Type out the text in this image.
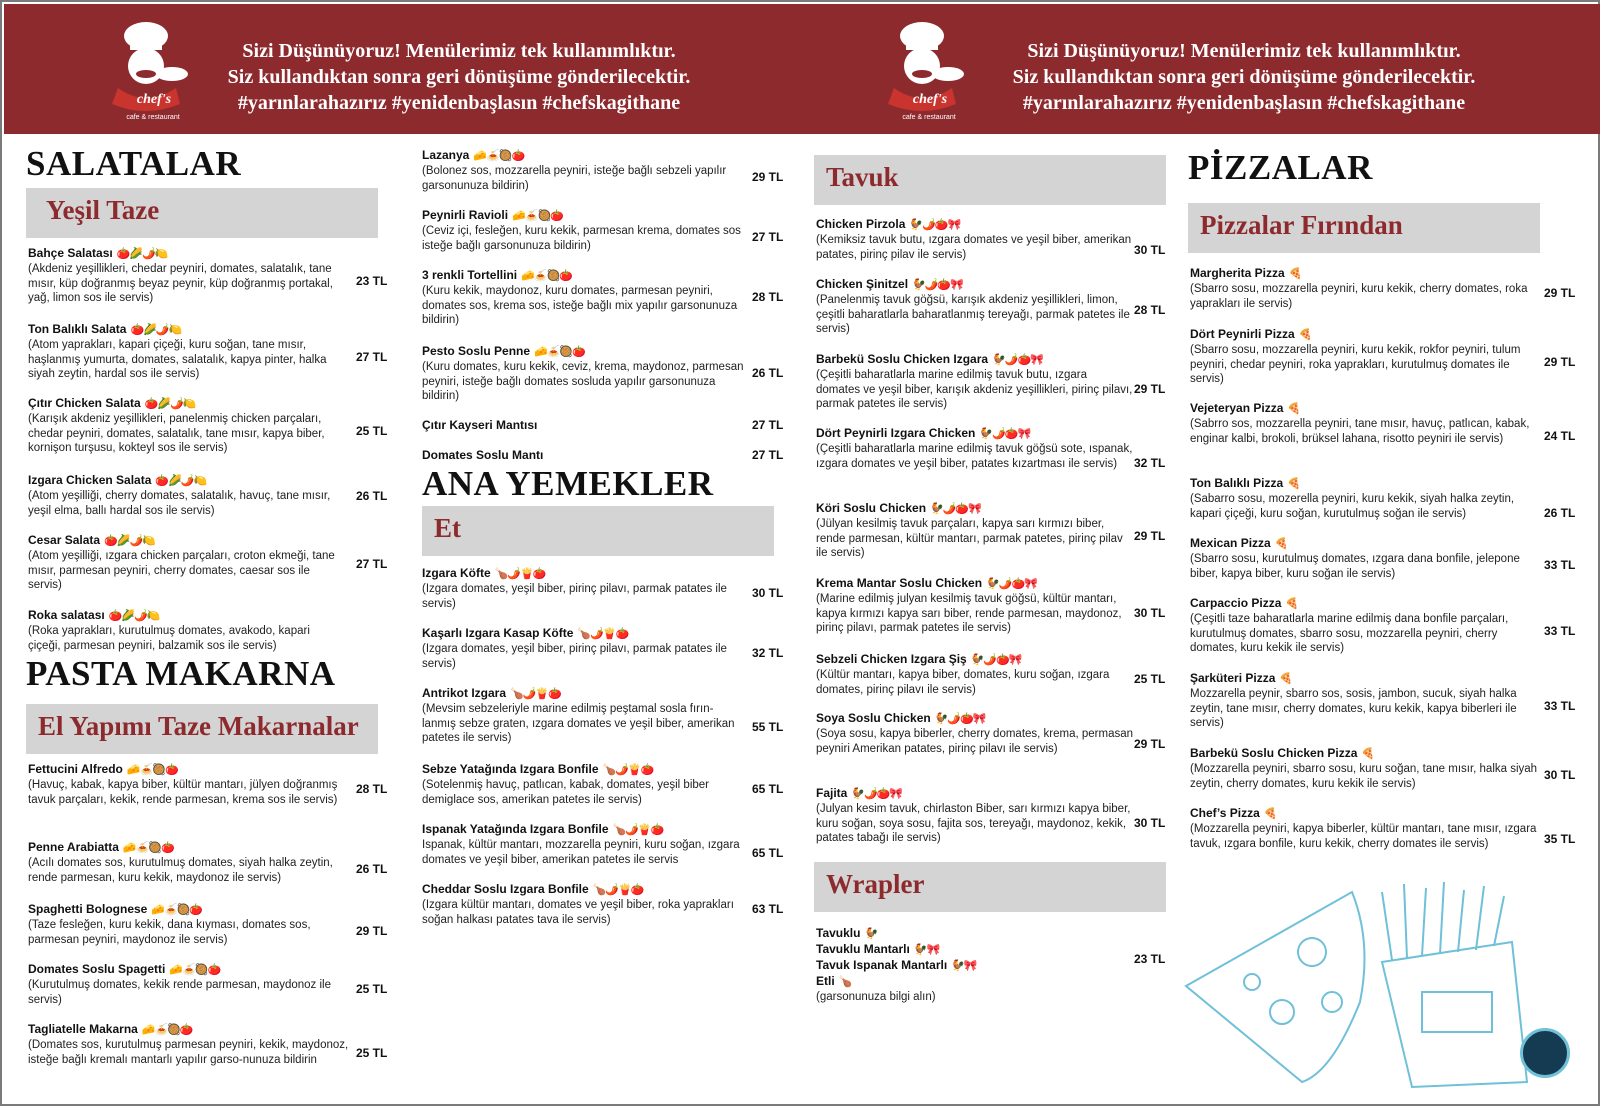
chef's
cafe & restaurant
Sizi Düşünüyoruz! Menülerimiz tek kullanımlıktır.
Siz kullandıktan sonra geri dönüşüme gönderilecektir.
#yarınlarahazırız #yenidenbaşlasın #chefskagithane	chef's
cafe & restaurant
Sizi Düşünüyoruz! Menülerimiz tek kullanımlıktır.
Siz kullandıktan sonra geri dönüşüme gönderilecektir.
#yarınlarahazırız #yenidenbaşlasın #chefskagithane
SALATALAR
Yeşil Taze
Bahçe Salatası 🍅🌽🌶️🍋
(Akdeniz yeşillikleri, chedar peyniri, domates, salatalık, tane mısır, küp doğranmış beyaz peynir, küp doğranmış portakal, yağ, limon sos ile servis)
23 TL
Ton Balıklı Salata 🍅🌽🌶️🍋
(Atom yaprakları, kapari çiçeği, kuru soğan, tane mısır, haşlanmış yumurta, domates, salatalık, kapya pinter, halka siyah zeytin, hardal sos ile servis)
27 TL
Çıtır Chicken Salata 🍅🌽🌶️🍋
(Karışık akdeniz yeşillikleri, panelenmiş chicken parçaları, chedar peyniri, domates, salatalık, tane mısır, kapya biber, kornişon turşusu, kokteyl sos ile servis)
25 TL
Izgara Chicken Salata 🍅🌽🌶️🍋
(Atom yeşilliği, cherry domates, salatalık, havuç, tane mısır, yeşil elma, ballı hardal sos ile servis)
26 TL
Cesar Salata 🍅🌽🌶️🍋
(Atom yeşilliği, ızgara chicken parçaları, croton ekmeği, tane mısır, parmesan peyniri, cherry domates, caesar sos ile servis)
27 TL
Roka salatası 🍅🌽🌶️🍋
(Roka yaprakları, kurutulmuş domates, avakodo, kapari çiçeği, parmesan peyniri, balzamik sos ile servis)
PASTA MAKARNA
El Yapımı Taze Makarnalar
Fettucini Alfredo 🧀🍝🥘🍅
(Havuç, kabak, kapya biber, kültür mantarı, jülyen doğranmış tavuk parçaları, kekik, rende parmesan, krema sos ile servis)
28 TL
Penne Arabiatta 🧀🍝🥘🍅
(Acılı domates sos, kurutulmuş domates, siyah halka zeytin, rende parmesan, kuru kekik, maydonoz ile servis)
26 TL
Spaghetti Bolognese 🧀🍝🥘🍅
(Taze fesleğen, kuru kekik, dana kıyması, domates sos, parmesan peyniri, maydonoz ile servis)
29 TL
Domates Soslu Spagetti 🧀🍝🥘🍅
(Kurutulmuş domates, kekik rende parmesan, maydonoz ile servis)
25 TL
Tagliatelle Makarna 🧀🍝🥘🍅
(Domates sos, kurutulmuş parmesan peyniri, kekik, maydonoz, isteğe bağlı kremalı mantarlı yapılır garso-nunuza bildirin	25 TL
Lazanya 🧀🍝🥘🍅
(Bolonez sos, mozzarella peyniri, isteğe bağlı sebzeli yapılır garsonunuza bildirin)
29 TL
Peynirli Ravioli 🧀🍝🥘🍅
(Ceviz içi, fesleğen, kuru kekik, parmesan krema, domates sos isteğe bağlı garsonunuza bildirin)
27 TL
3 renkli Tortellini 🧀🍝🥘🍅
(Kuru kekik, maydonoz, kuru domates, parmesan peyniri, domates sos, krema sos, isteğe bağlı mix yapılır garsonunuza bildirin)
28 TL
Pesto Soslu Penne 🧀🍝🥘🍅
(Kuru domates, kuru kekik, ceviz, krema, maydonoz, parmesan peyniri, isteğe bağlı domates sosluda yapılır garsonunuza bildirin)
26 TL
Çıtır Kayseri Mantısı	27 TL
Domates Soslu Mantı	27 TL
ANA YEMEKLER
Et
Izgara Köfte 🍗🌶️🍟🍅
(Izgara domates, yeşil biber, pirinç pilavı, parmak patates ile servis)
30 TL
Kaşarlı Izgara Kasap Köfte 🍗🌶️🍟🍅
(Izgara domates, yeşil biber, pirinç pilavı, parmak patates ile servis)
32 TL
Antrikot Izgara 🍗🌶️🍟🍅
(Mevsim sebzeleriyle marine edilmiş peştamal sosla fırın-lanmış sebze graten, ızgara domates ve yeşil biber, amerikan patetes ile servis)
55 TL
Sebze Yatağında Izgara Bonfile 🍗🌶️🍟🍅
(Sotelenmiş havuç, patlıcan, kabak, domates, yeşil biber demiglace sos, amerikan patetes ile servis)
65 TL
Ispanak Yatağında Izgara Bonfile 🍗🌶️🍟🍅
Ispanak, kültür mantarı, mozzarella peyniri, kuru soğan, ızgara domates ve yeşil biber, amerikan patetes ile servis	65 TL
Cheddar Soslu Izgara Bonfile 🍗🌶️🍟🍅
(Izgara kültür mantarı, domates ve yeşil biber, roka yaprakları soğan halkası patates tava ile servis)
63 TL
Tavuk
Chicken Pirzola 🐓🌶️🍅🎀
(Kemiksiz tavuk butu, ızgara domates ve yeşil biber, amerikan patates, pirinç pilav ile servis)	30 TL
Chicken Şinitzel 🐓🌶️🍅🎀
(Panelenmiş tavuk göğsü, karışık akdeniz yeşillikleri, limon, çeşitli baharatlarla baharatlanmış tereyağı, parmak patetes ile servis)
28 TL
Barbekü Soslu Chicken Izgara 🐓🌶️🍅🎀
(Çeşitli baharatlarla marine edilmiş tavuk butu, ızgara domates ve yeşil biber, karışık akdeniz yeşillikleri, pirinç pilavı, parmak patetes ile servis)
29 TL
Dört Peynirli Izgara Chicken 🐓🌶️🍅🎀
(Çeşitli baharatlarla marine edilmiş tavuk göğsü sote, ıspanak, ızgara domates ve yeşil biber, patates kızartması ile servis)	32 TL
Köri Soslu Chicken 🐓🌶️🍅🎀
(Jülyan kesilmiş tavuk parçaları, kapya sarı kırmızı biber, rende parmesan, kültür mantarı, parmak patetes, pirinç pilav ile servis)
29 TL
Krema Mantar Soslu Chicken 🐓🌶️🍅🎀
(Marine edilmiş julyan kesilmiş tavuk göğsü, kültür mantarı, kapya kırmızı kapya sarı biber, rende parmesan, maydonoz, pirinç pilavı, parmak patetes ile servis)
30 TL
Sebzeli Chicken Izgara Şiş 🐓🌶️🍅🎀
(Kültür mantarı, kapya biber, domates, kuru soğan, ızgara domates, pirinç pilavı ile servis)
25 TL
Soya Soslu Chicken 🐓🌶️🍅🎀
(Soya sosu, kapya biberler, cherry domates, krema, permasan peyniri Amerikan patates, pirinç pilavı ile servis)	29 TL
Fajita 🐓🌶️🍅🎀
(Julyan kesim tavuk, chirlaston Biber, sarı kırmızı kapya biber, kuru soğan, soya sosu, fajita sos, tereyağı, maydonoz, kekik, patates tabağı ile servis)
30 TL
Wrapler
Tavuklu 🐓
Tavuklu Mantarlı 🐓🎀
Tavuk Ispanak Mantarlı 🐓🎀
Etli 🍗
(garsonunuza bilgi alın)
23 TL
PİZZALAR
Pizzalar Fırından
Margherita Pizza 🍕
(Sbarro sosu, mozzarella peyniri, kuru kekik, cherry domates, roka yaprakları ile servis)
29 TL
Dört Peynirli Pizza 🍕
(Sbarro sosu, mozzarella peyniri, kuru kekik, rokfor peyniri, tulum peyniri, chedar peyniri, roka yaprakları, kurutulmuş domates ile servis)
29 TL
Vejeteryan Pizza 🍕
(Sabrro sos, mozzarella peyniri, tane mısır, havuç, patlıcan, kabak, enginar kalbi, brokoli, brüksel lahana, risotto peyniri ile servis)	24 TL
Ton Balıklı Pizza 🍕
(Sabarro sosu, mozerella peyniri, kuru kekik, siyah halka zeytin, kapari çiçeği, kuru soğan, kurutulmuş soğan ile servis)	26 TL
Mexican Pizza 🍕
(Sbarro sosu, kurutulmuş domates, ızgara dana bonfile, jelepone biber, kapya biber, kuru soğan ile servis)
33 TL
Carpaccio Pizza 🍕
(Çeşitli taze baharatlarla marine edilmiş dana bonfile parçaları, kurutulmuş domates, sbarro sosu, mozzarella peyniri, cherry domates, kuru kekik ile servis)
33 TL
Şarküteri Pizza 🍕
Mozzarella peynir, sbarro sos, sosis, jambon, sucuk, siyah halka zeytin, tane mısır, cherry domates, kuru kekik, kapya biberleri ile servis)
33 TL
Barbekü Soslu Chicken Pizza 🍕
(Mozzarella peyniri, sbarro sosu, kuru soğan, tane mısır, halka siyah zeytin, cherry domates, kuru kekik ile servis)
30 TL
Chef’s Pizza 🍕
(Mozzarella peyniri, kapya biberler, kültür mantarı, tane mısır, ızgara tavuk, ızgara bonfile, kuru kekik, cherry domates ile servis)	35 TL
